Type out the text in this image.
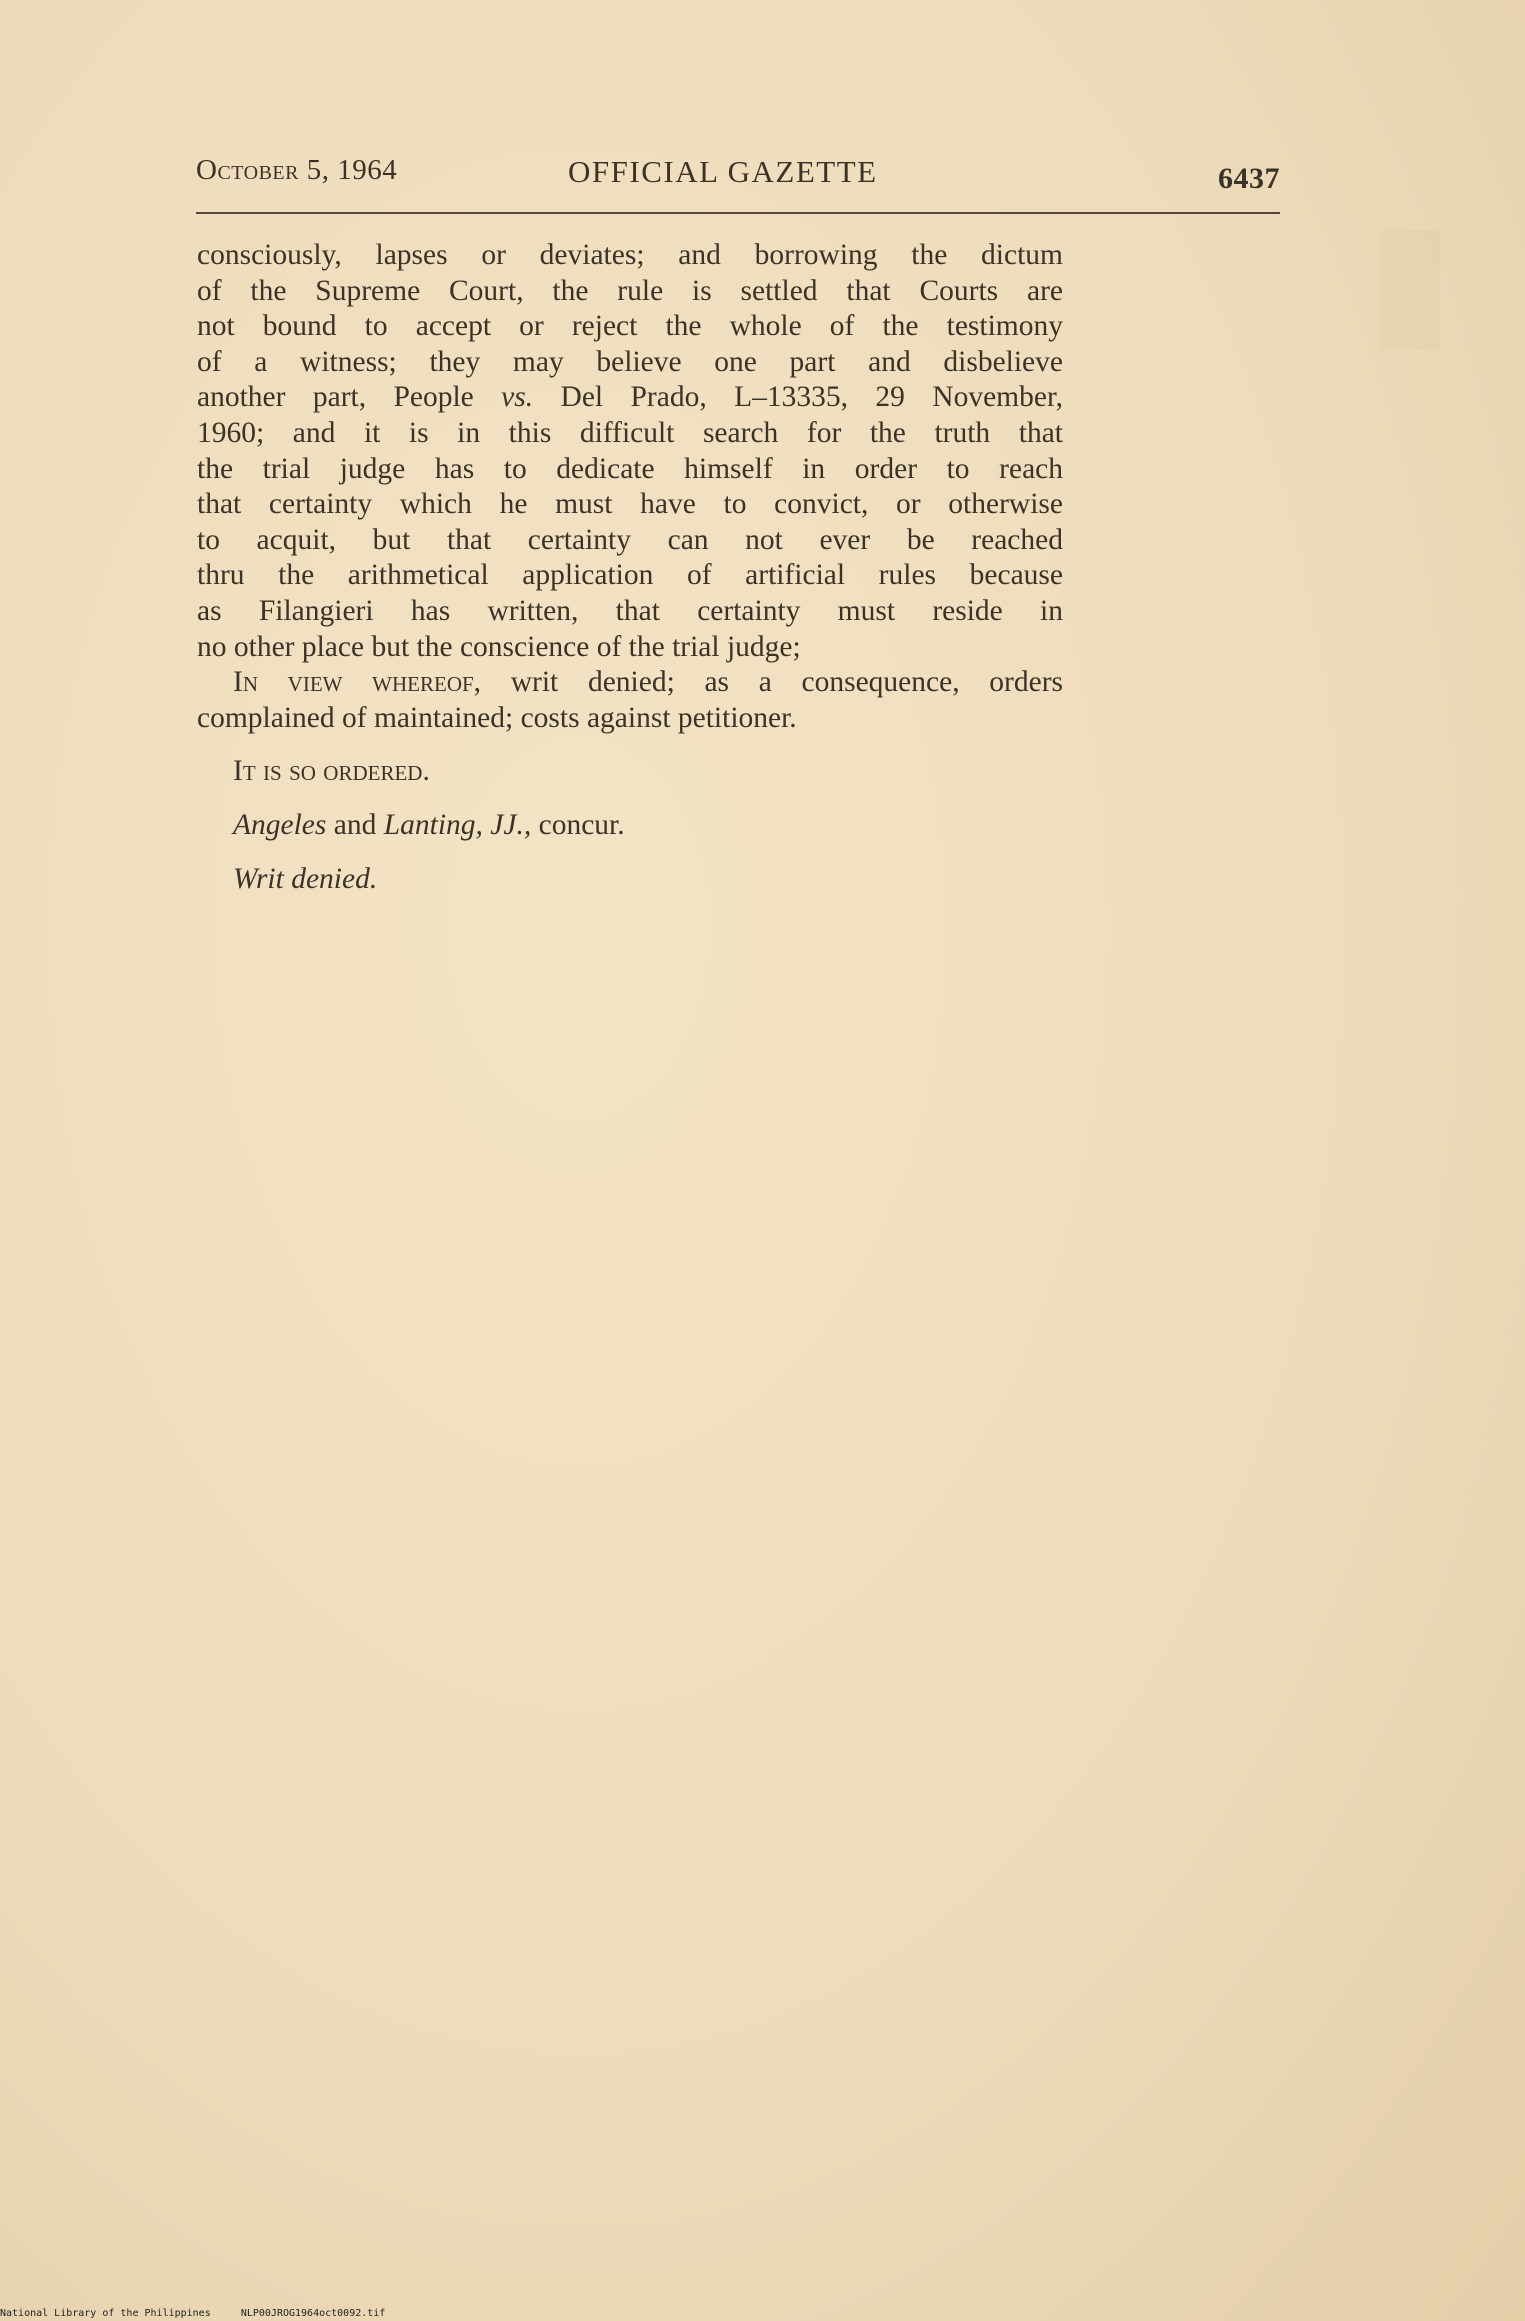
October 5, 1964	OFFICIAL GAZETTE	6437
consciously, lapses or deviates; and borrowing the dictum
of the Supreme Court, the rule is settled that Courts are
not bound to accept or reject the whole of the testimony
of a witness; they may believe one part and disbelieve
another part, People vs. Del Prado, L–13335, 29 November,
1960; and it is in this difficult search for the truth that
the trial judge has to dedicate himself in order to reach
that certainty which he must have to convict, or otherwise
to acquit, but that certainty can not ever be reached
thru the arithmetical application of artificial rules because
as Filangieri has written, that certainty must reside in
no other place but the conscience of the trial judge;
In view whereof, writ denied; as a consequence, orders
complained of maintained; costs against petitioner.
It is so ordered.
Angeles and Lanting, JJ., concur.
Writ denied.
National Library of the Philippines	NLP00JROG1964oct0092.tif
